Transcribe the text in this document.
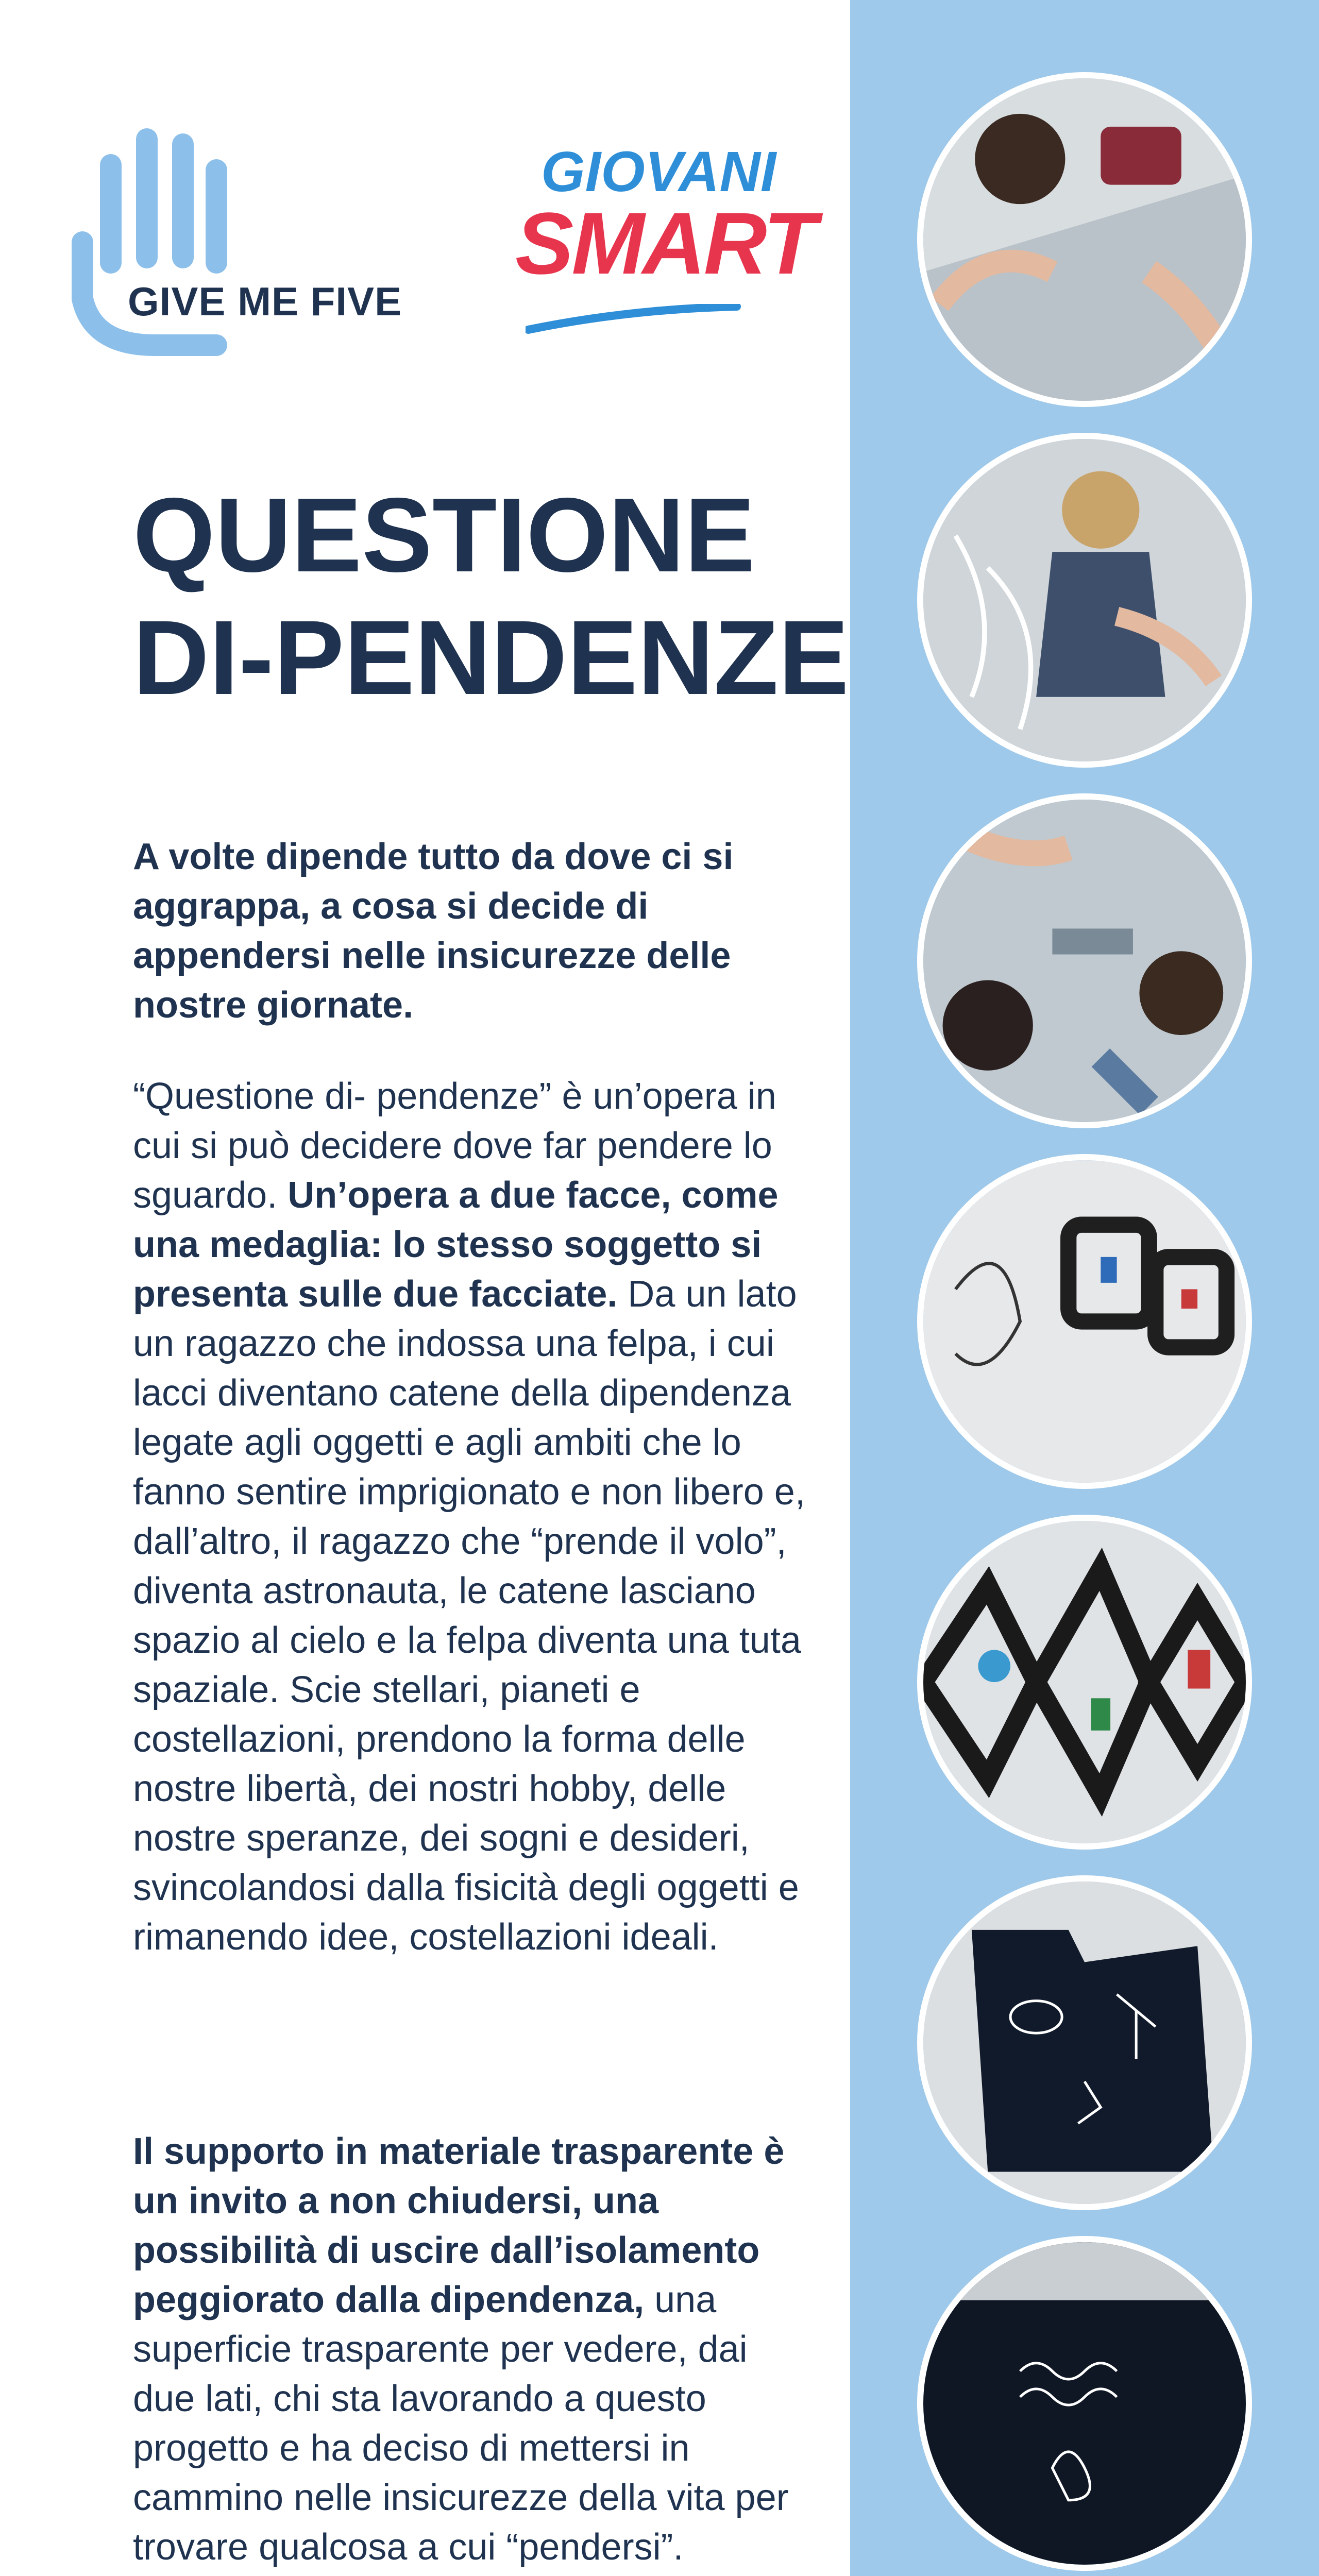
GIVE ME FIVE
GIOVANI
SMART
QUESTIONE
DI-PENDENZE
A volte dipende tutto da dove ci si aggrappa, a cosa si decide di appendersi nelle insicurezze delle nostre giornate.
“Questione di- pendenze” è un’opera in cui si può decidere dove far pendere lo sguardo. Un’opera a due facce, come una medaglia: lo stesso soggetto si presenta sulle due facciate. Da un lato un ragazzo che indossa una felpa, i cui lacci diventano catene della dipendenza legate agli oggetti e agli ambiti che lo fanno sentire imprigionato e non libero e, dall’altro, il ragazzo che “prende il volo”, diventa astronauta, le catene lasciano spazio al cielo e la felpa diventa una tuta spaziale. Scie stellari, pianeti e costellazioni, prendono la forma delle nostre libertà, dei nostri hobby, delle nostre speranze, dei sogni e desideri, svincolandosi dalla fisicità degli oggetti e rimanendo idee, costellazioni ideali.
Il supporto in materiale trasparente è un invito a non chiudersi, una possibilità di uscire dall’isolamento peggiorato dalla dipendenza, una superficie trasparente per vedere, dai due lati, chi sta lavorando a questo progetto e ha deciso di mettersi in cammino nelle insicurezze della vita per trovare qualcosa a cui “pendersi”.
